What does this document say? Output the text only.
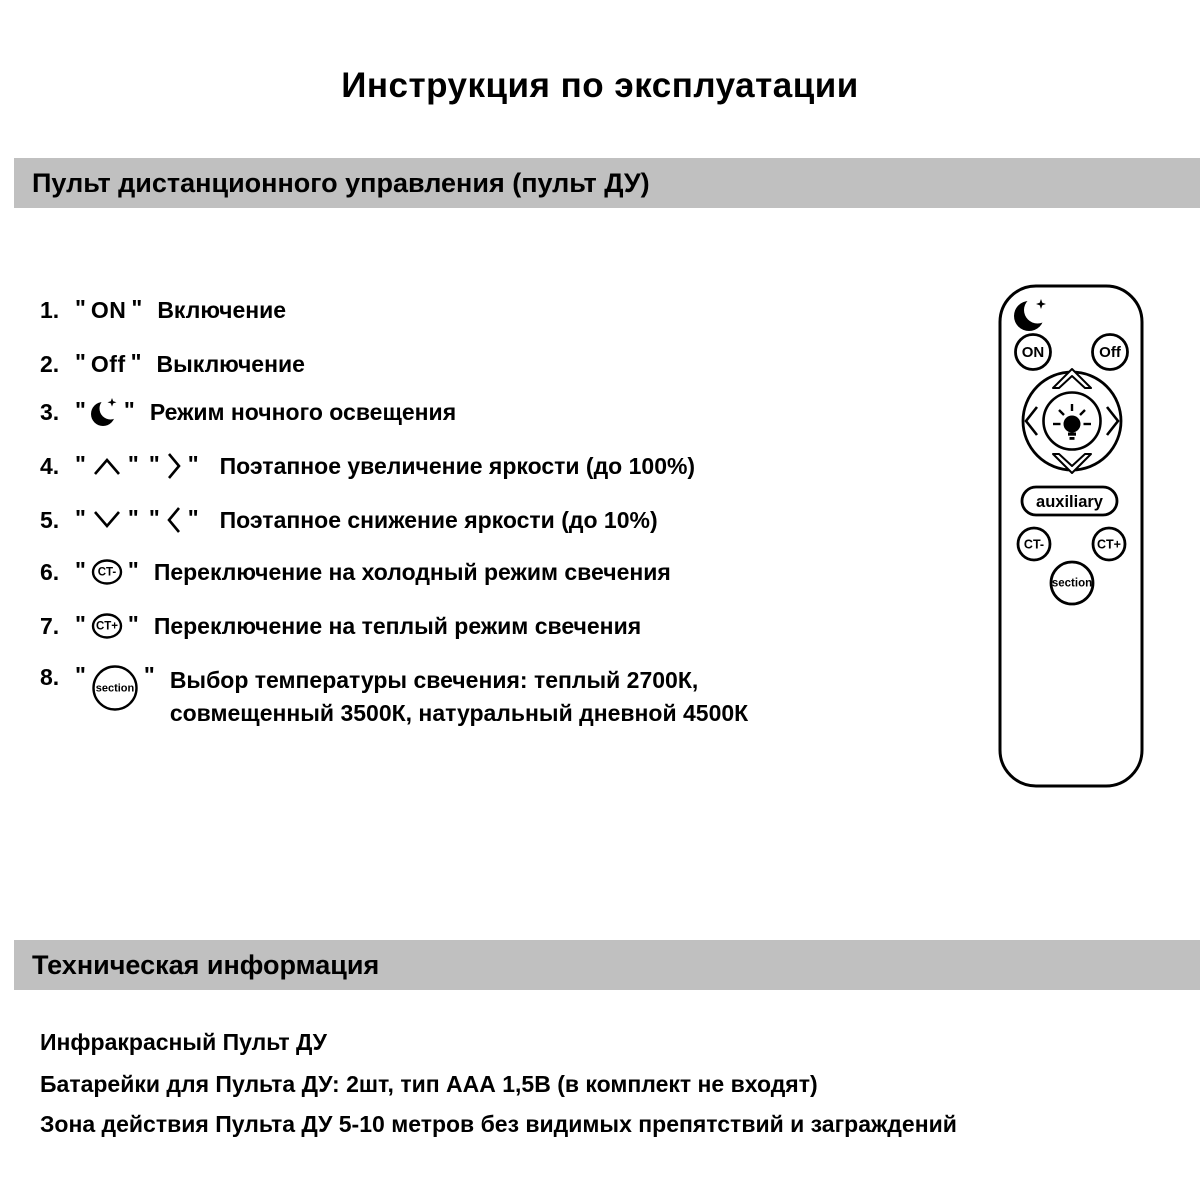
Инструкция по эксплуатации
Пульт дистанционного управления (пульт ДУ)
1. " ON " Включение
2. " Off " Выключение
3. " " Режим ночного освещения
4. " " " " Поэтапное увеличение яркости (до 100%)
5. " " " " Поэтапное снижение яркости (до 10%)
6. " CT- " Переключение на холодный режим свечения
7. " CT+ " Переключение на теплый режим свечения
8. "
section
" Выбор температуры свечения: теплый 2700К,
совмещенный 3500К, натуральный дневной 4500К
ON	Off
auxiliary
CT-	CT+
section
Техническая информация
Инфракрасный Пульт ДУ
Батарейки для Пульта ДУ: 2шт, тип ААА 1,5В (в комплект не входят)
Зона действия Пульта ДУ 5-10 метров без видимых препятствий и заграждений
